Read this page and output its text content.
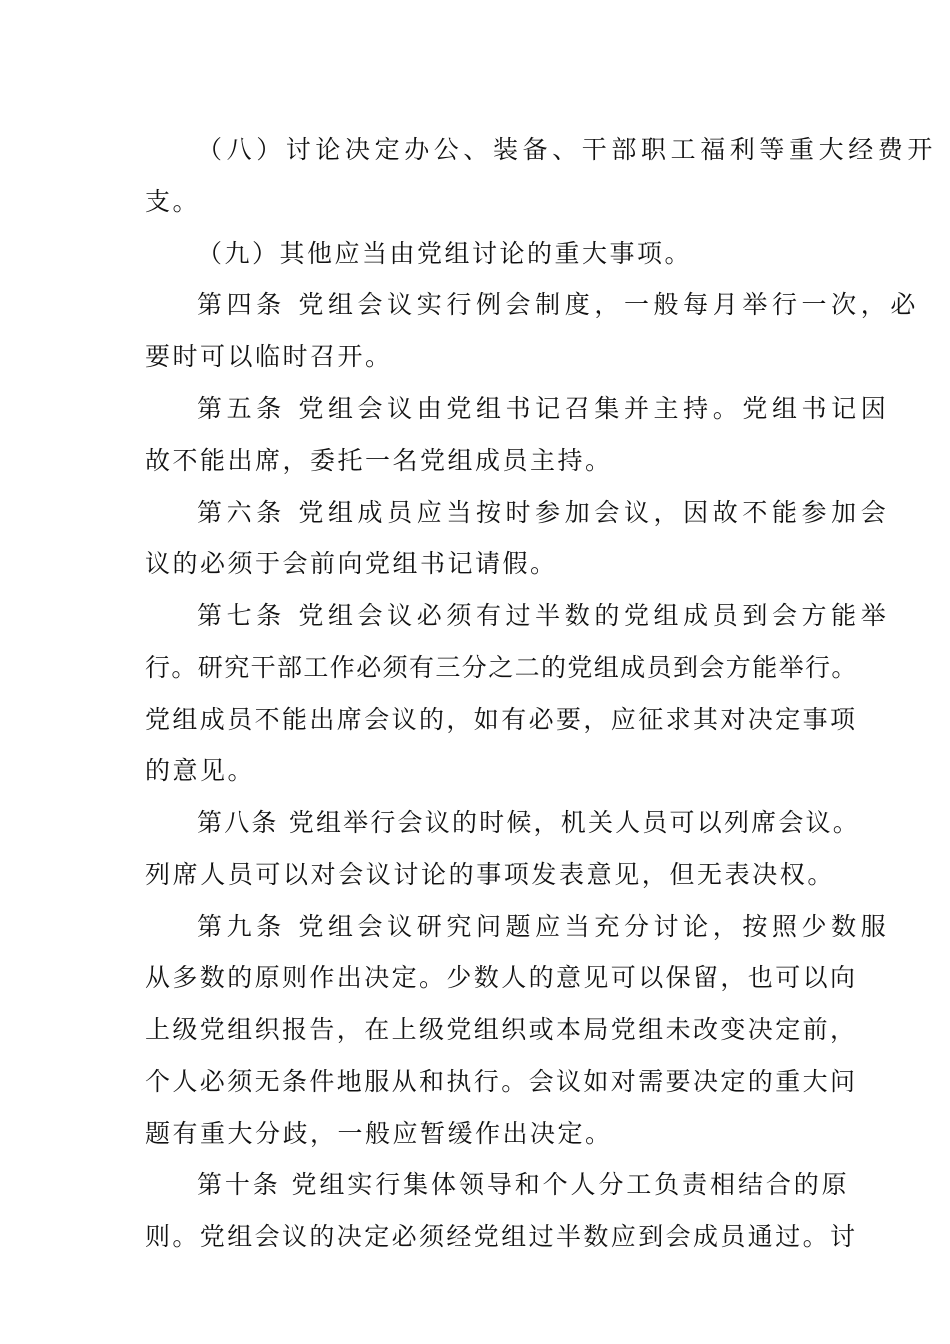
（八）讨论决定办公、装备、干部职工福利等重大经费开
支。
（九）其他应当由党组讨论的重大事项。
第四条 党组会议实行例会制度，一般每月举行一次，必
要时可以临时召开。
第五条 党组会议由党组书记召集并主持。党组书记因
故不能出席，委托一名党组成员主持。
第六条 党组成员应当按时参加会议，因故不能参加会
议的必须于会前向党组书记请假。
第七条 党组会议必须有过半数的党组成员到会方能举
行。研究干部工作必须有三分之二的党组成员到会方能举行。
党组成员不能出席会议的，如有必要，应征求其对决定事项
的意见。
第八条 党组举行会议的时候，机关人员可以列席会议。
列席人员可以对会议讨论的事项发表意见，但无表决权。
第九条 党组会议研究问题应当充分讨论，按照少数服
从多数的原则作出决定。少数人的意见可以保留，也可以向
上级党组织报告，在上级党组织或本局党组未改变决定前，
个人必须无条件地服从和执行。会议如对需要决定的重大问
题有重大分歧，一般应暂缓作出决定。
第十条 党组实行集体领导和个人分工负责相结合的原
则。党组会议的决定必须经党组过半数应到会成员通过。讨
